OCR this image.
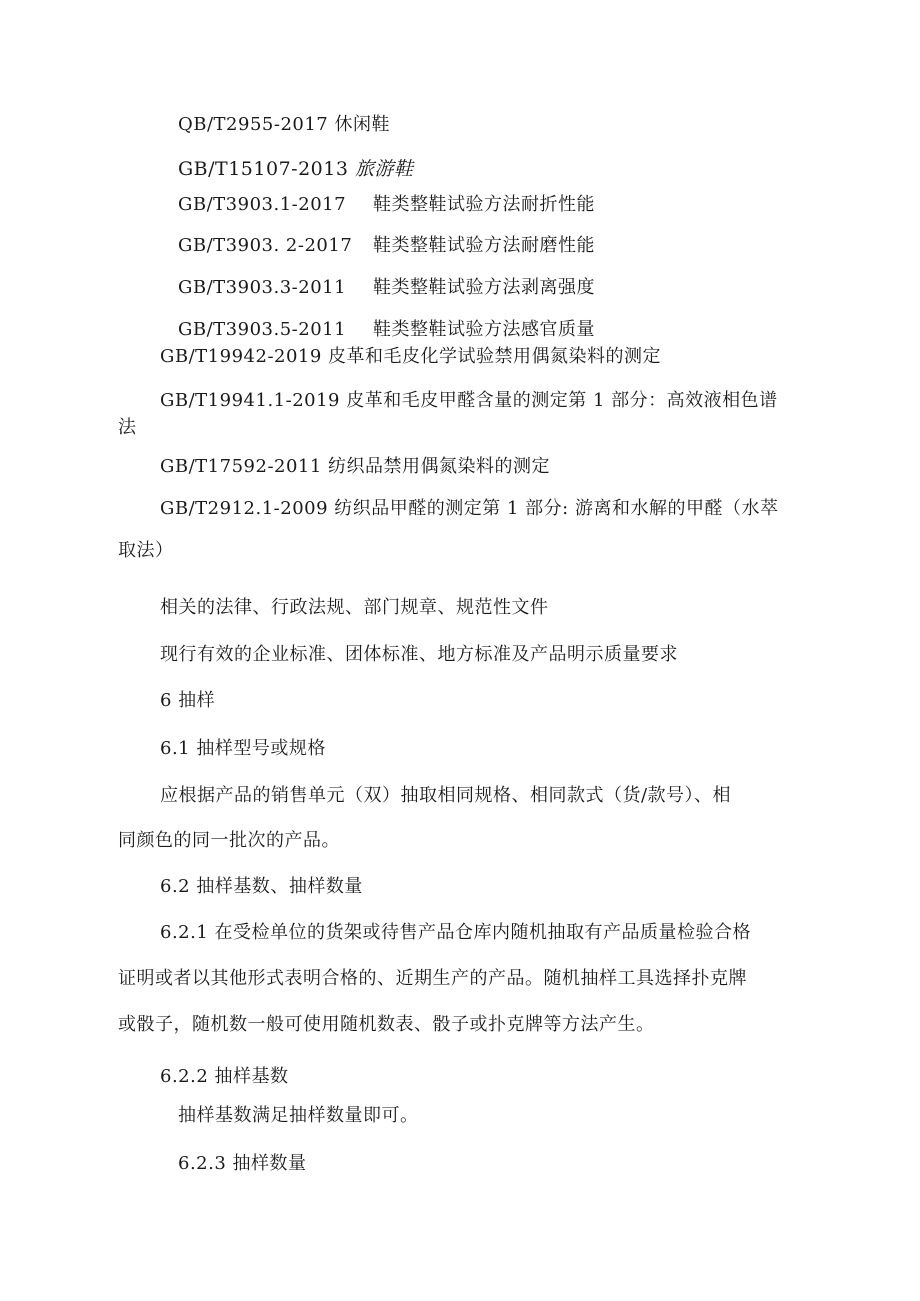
QB/T2955-2017 休闲鞋
GB/T15107-2013 旅游鞋
GB/T3903.1-2017 鞋类整鞋试验方法耐折性能
GB/T3903. 2-2017 鞋类整鞋试验方法耐磨性能
GB/T3903.3-2011 鞋类整鞋试验方法剥离强度
GB/T3903.5-2011 鞋类整鞋试验方法感官质量
GB/T19942-2019 皮革和毛皮化学试验禁用偶氮染料的测定
GB/T19941.1-2019 皮革和毛皮甲醛含量的测定第 1 部分：高效液相色谱
法
GB/T17592-2011 纺织品禁用偶氮染料的测定
GB/T2912.1-2009 纺织品甲醛的测定第 1 部分: 游离和水解的甲醛（水萃
取法）
相关的法律、行政法规、部门规章、规范性文件
现行有效的企业标准、团体标准、地方标准及产品明示质量要求
6 抽样
6.1 抽样型号或规格
应根据产品的销售单元（双）抽取相同规格、相同款式（货/款号）、相
同颜色的同一批次的产品。
6.2 抽样基数、抽样数量
6.2.1 在受检单位的货架或待售产品仓库内随机抽取有产品质量检验合格
证明或者以其他形式表明合格的、近期生产的产品。随机抽样工具选择扑克牌
或骰子，随机数一般可使用随机数表、骰子或扑克牌等方法产生。
6.2.2 抽样基数
抽样基数满足抽样数量即可。
6.2.3 抽样数量
